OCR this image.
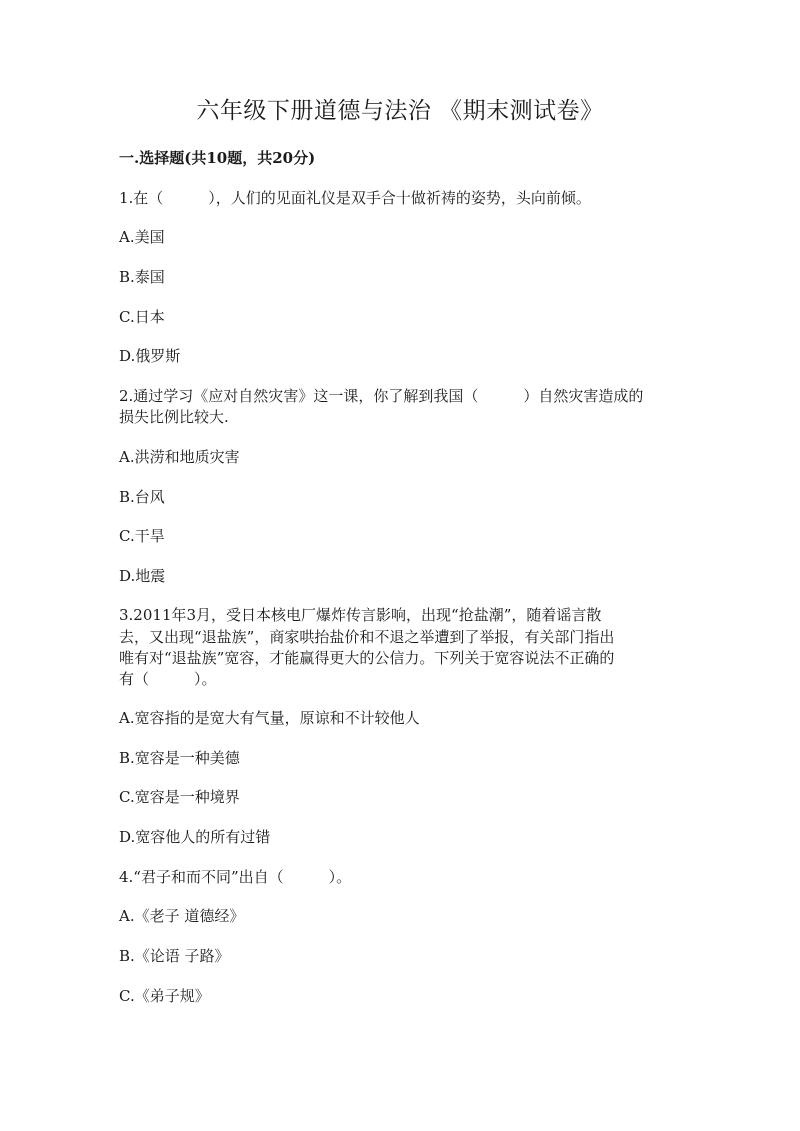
六年级下册道德与法治 《期末测试卷》
一.选择题(共10题，共20分)
1.在（　　　），人们的见面礼仪是双手合十做祈祷的姿势，头向前倾。
A.美国
B.泰国
C.日本
D.俄罗斯
2.通过学习《应对自然灾害》这一课，你了解到我国（　　　）自然灾害造成的
损失比例比较大.
A.洪涝和地质灾害
B.台风
C.干旱
D.地震
3.2011年3月，受日本核电厂爆炸传言影响，出现“抢盐潮”，随着谣言散
去，又出现“退盐族”，商家哄抬盐价和不退之举遭到了举报，有关部门指出
唯有对“退盐族”宽容，才能赢得更大的公信力。下列关于宽容说法不正确的
有（　　　）。
A.宽容指的是宽大有气量，原谅和不计较他人
B.宽容是一种美德
C.宽容是一种境界
D.宽容他人的所有过错
4.“君子和而不同”出自（　　　）。
A.《老子 道德经》
B.《论语 子路》
C.《弟子规》
